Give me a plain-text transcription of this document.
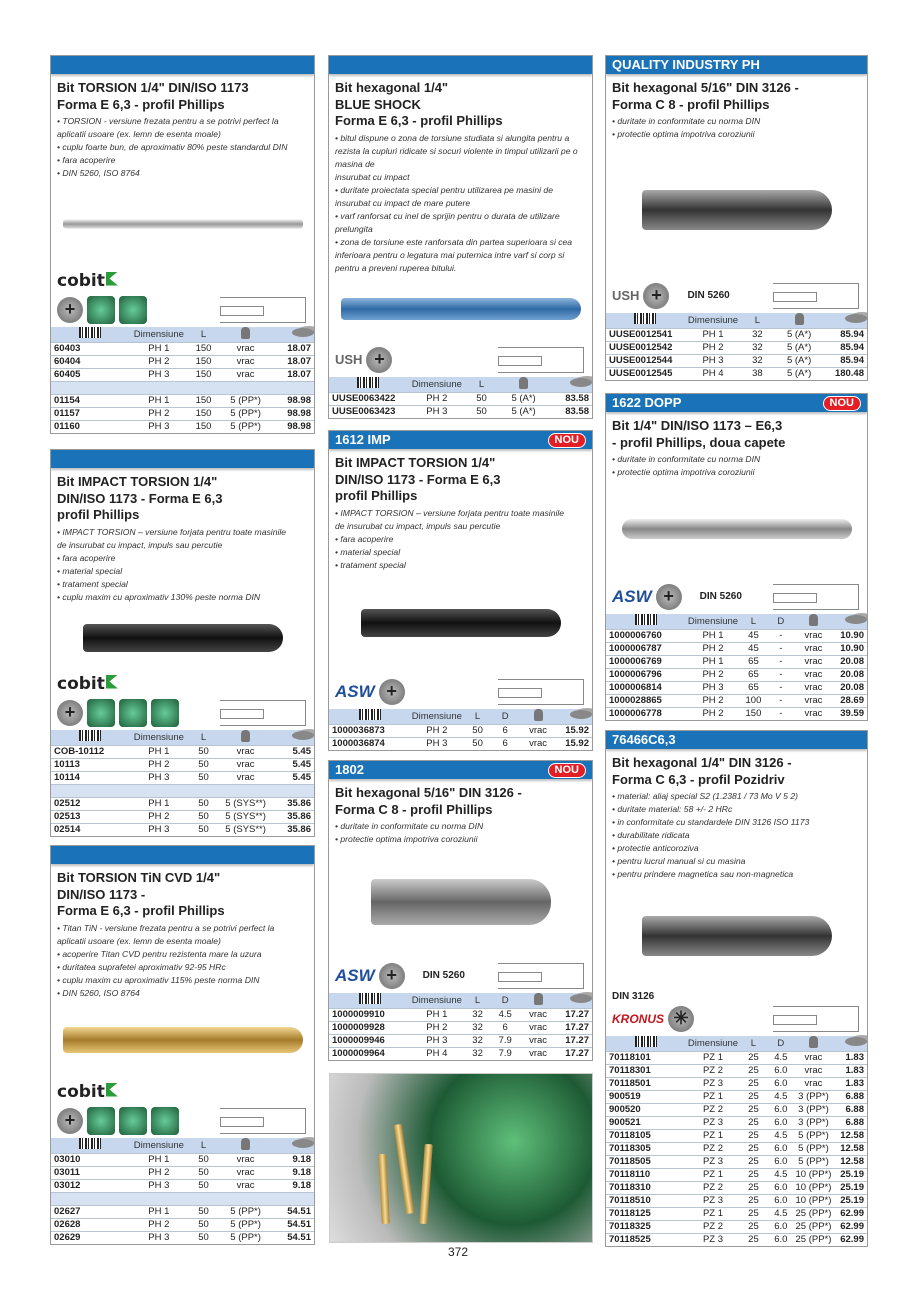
Bit TORSION 1/4" DIN/ISO 1173
Forma E 6,3 - profil Phillips
• TORSION - versiune frezata pentru a se potrivi perfect la
aplicatii usoare (ex. lemn de esenta moale)
• cuplu foarte bun, de aproximativ 80% peste standardul DIN
• fara acoperire
• DIN 5260, ISO 8764
cobit
+
	Dimensiune	L		
60403	PH 1	150	vrac	18.07
60404	PH 2	150	vrac	18.07
60405	PH 3	150	vrac	18.07

01154	PH 1	150	5 (PP*)	98.98
01157	PH 2	150	5 (PP*)	98.98
01160	PH 3	150	5 (PP*)	98.98
Bit IMPACT TORSION 1/4"
DIN/ISO 1173 - Forma E 6,3
profil Phillips
• IMPACT TORSION – versiune forjata pentru toate masinile
de insurubat cu impact, impuls sau percutie
• fara acoperire
• material special
• tratament special
• cuplu maxim cu aproximativ 130% peste norma DIN
cobit
+
	Dimensiune	L		
COB-10112	PH 1	50	vrac	5.45
10113	PH 2	50	vrac	5.45
10114	PH 3	50	vrac	5.45

02512	PH 1	50	5 (SYS**)	35.86
02513	PH 2	50	5 (SYS**)	35.86
02514	PH 3	50	5 (SYS**)	35.86
Bit TORSION TiN CVD 1/4"
DIN/ISO 1173 -
Forma E 6,3 - profil Phillips
• Titan TiN - versiune frezata pentru a se potrivi perfect la
aplicatii usoare (ex. lemn de esenta moale)
• acoperire Titan CVD pentru rezistenta mare la uzura
• duritatea suprafetei aproximativ 92-95 HRc
• cuplu maxim cu aproximativ 115% peste norma DIN
• DIN 5260, ISO 8764
cobit
+
	Dimensiune	L		
03010	PH 1	50	vrac	9.18
03011	PH 2	50	vrac	9.18
03012	PH 3	50	vrac	9.18

02627	PH 1	50	5 (PP*)	54.51
02628	PH 2	50	5 (PP*)	54.51
02629	PH 3	50	5 (PP*)	54.51
Bit hexagonal 1/4"
BLUE SHOCK
Forma E 6,3 - profil Phillips
• bitul dispune o zona de torsiune studiata si alungita pentru a
rezista la cupluri ridicate si socuri violente in timpul utilizarii pe o
masina de
insurubat cu impact
• duritate proiectata special pentru utilizarea pe masini de
insurubat cu impact de mare putere
• varf ranforsat cu inel de sprijin pentru o durata de utilizare
prelungita
• zona de torsiune este ranforsata din partea superioara si cea
inferioara pentru o legatura mai puternica intre varf si corp si
pentru a preveni ruperea bitului.
USH +
	Dimensiune	L		
UUSE0063422	PH 2	50	5 (A*)	83.58
UUSE0063423	PH 3	50	5 (A*)	83.58
1612 IMP	NOU
Bit IMPACT TORSION 1/4"
DIN/ISO 1173 - Forma E 6,3
profil Phillips
• IMPACT TORSION – versiune forjata pentru toate masinile
de insurubat cu impact, impuls sau percutie
• fara acoperire
• material special
• tratament special
ASW +
	Dimensiune	L	D		
1000036873	PH 2	50	6	vrac	15.92
1000036874	PH 3	50	6	vrac	15.92
1802	NOU
Bit hexagonal 5/16" DIN 3126 -
Forma C 8 - profil Phillips
• duritate in conformitate cu norma DIN
• protectie optima impotriva coroziunii
ASW +	DIN 5260
	Dimensiune	L	D		
1000009910	PH 1	32	4.5	vrac	17.27
1000009928	PH 2	32	6	vrac	17.27
1000009946	PH 3	32	7.9	vrac	17.27
1000009964	PH 4	32	7.9	vrac	17.27
QUALITY INDUSTRY PH
Bit hexagonal 5/16" DIN 3126 -
Forma C 8 - profil Phillips
• duritate in conformitate cu norma DIN
• protectie optima impotriva coroziunii
USH +	DIN 5260
	Dimensiune	L		
UUSE0012541	PH 1	32	5 (A*)	85.94
UUSE0012542	PH 2	32	5 (A*)	85.94
UUSE0012544	PH 3	32	5 (A*)	85.94
UUSE0012545	PH 4	38	5 (A*)	180.48
1622 DOPP	NOU
Bit 1/4" DIN/ISO 1173 – E6,3
- profil Phillips, doua capete
• duritate in conformitate cu norma DIN
• protectie optima impotriva coroziunii
ASW +	DIN 5260
	Dimensiune	L	D		
1000006760	PH 1	45	-	vrac	10.90
1000006787	PH 2	45	-	vrac	10.90
1000006769	PH 1	65	-	vrac	20.08
1000006796	PH 2	65	-	vrac	20.08
1000006814	PH 3	65	-	vrac	20.08
1000028865	PH 2	100	-	vrac	28.69
1000006778	PH 2	150	-	vrac	39.59
76466C6,3
Bit hexagonal 1/4" DIN 3126 -
Forma C 6,3 - profil Pozidriv
• material: aliaj special S2 (1.2381 / 73 Mo V 5 2)
• duritate material: 58 +/- 2 HRc
• in conformitate cu standardele DIN 3126 ISO 1173
• durabilitate ridicata
• protectie anticoroziva
• pentru lucrul manual si cu masina
• pentru prindere magnetica sau non-magnetica
DIN 3126
KRONUS ✳
	Dimensiune	L	D		
70118101	PZ 1	25	4.5	vrac	1.83
70118301	PZ 2	25	6.0	vrac	1.83
70118501	PZ 3	25	6.0	vrac	1.83
900519	PZ 1	25	4.5	3 (PP*)	6.88
900520	PZ 2	25	6.0	3 (PP*)	6.88
900521	PZ 3	25	6.0	3 (PP*)	6.88
70118105	PZ 1	25	4.5	5 (PP*)	12.58
70118305	PZ 2	25	6.0	5 (PP*)	12.58
70118505	PZ 3	25	6.0	5 (PP*)	12.58
70118110	PZ 1	25	4.5	10 (PP*)	25.19
70118310	PZ 2	25	6.0	10 (PP*)	25.19
70118510	PZ 3	25	6.0	10 (PP*)	25.19
70118125	PZ 1	25	4.5	25 (PP*)	62.99
70118325	PZ 2	25	6.0	25 (PP*)	62.99
70118525	PZ 3	25	6.0	25 (PP*)	62.99
372
